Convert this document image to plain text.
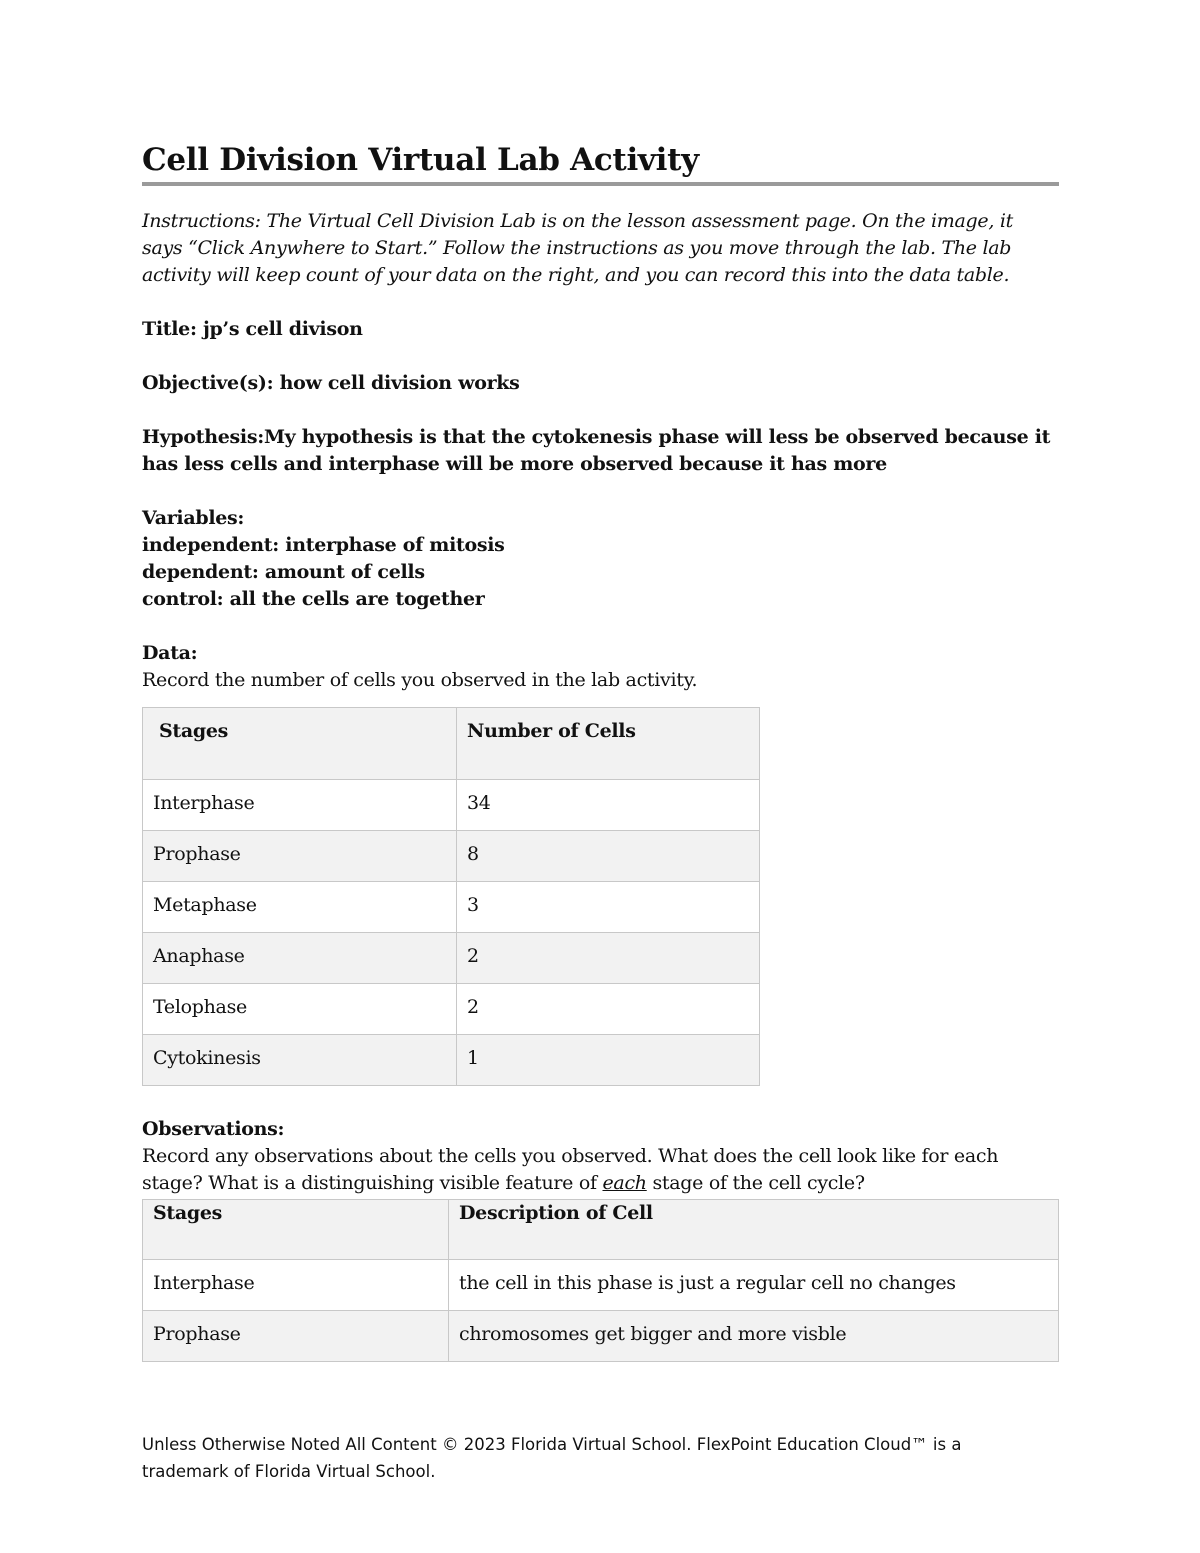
Cell Division Virtual Lab Activity

Instructions: The Virtual Cell Division Lab is on the lesson assessment page. On the image, it says “Click Anywhere to Start.” Follow the instructions as you move through the lab. The lab activity will keep count of your data on the right, and you can record this into the data table.

Title: jp’s cell divison
Objective(s): how cell division works
Hypothesis:My hypothesis is that the cytokenesis phase will less be observed because it has less cells and interphase will be more observed because it has more
Variables:
independent: interphase of mitosis
dependent: amount of cells
control: all the cells are together
Data:
Record the number of cells you observed in the lab activity.
Stages	Number of Cells
Interphase	34
Prophase	8
Metaphase	3
Anaphase	2
Telophase	2
Cytokinesis	1
Observations:
Record any observations about the cells you observed. What does the cell look like for each stage? What is a distinguishing visible feature of each stage of the cell cycle?
Stages	Description of Cell
Interphase	the cell in this phase is just a regular cell no changes
Prophase	chromosomes get bigger and more visble
Unless Otherwise Noted All Content © 2023 Florida Virtual School. FlexPoint Education Cloud™ is a trademark of Florida Virtual School.
